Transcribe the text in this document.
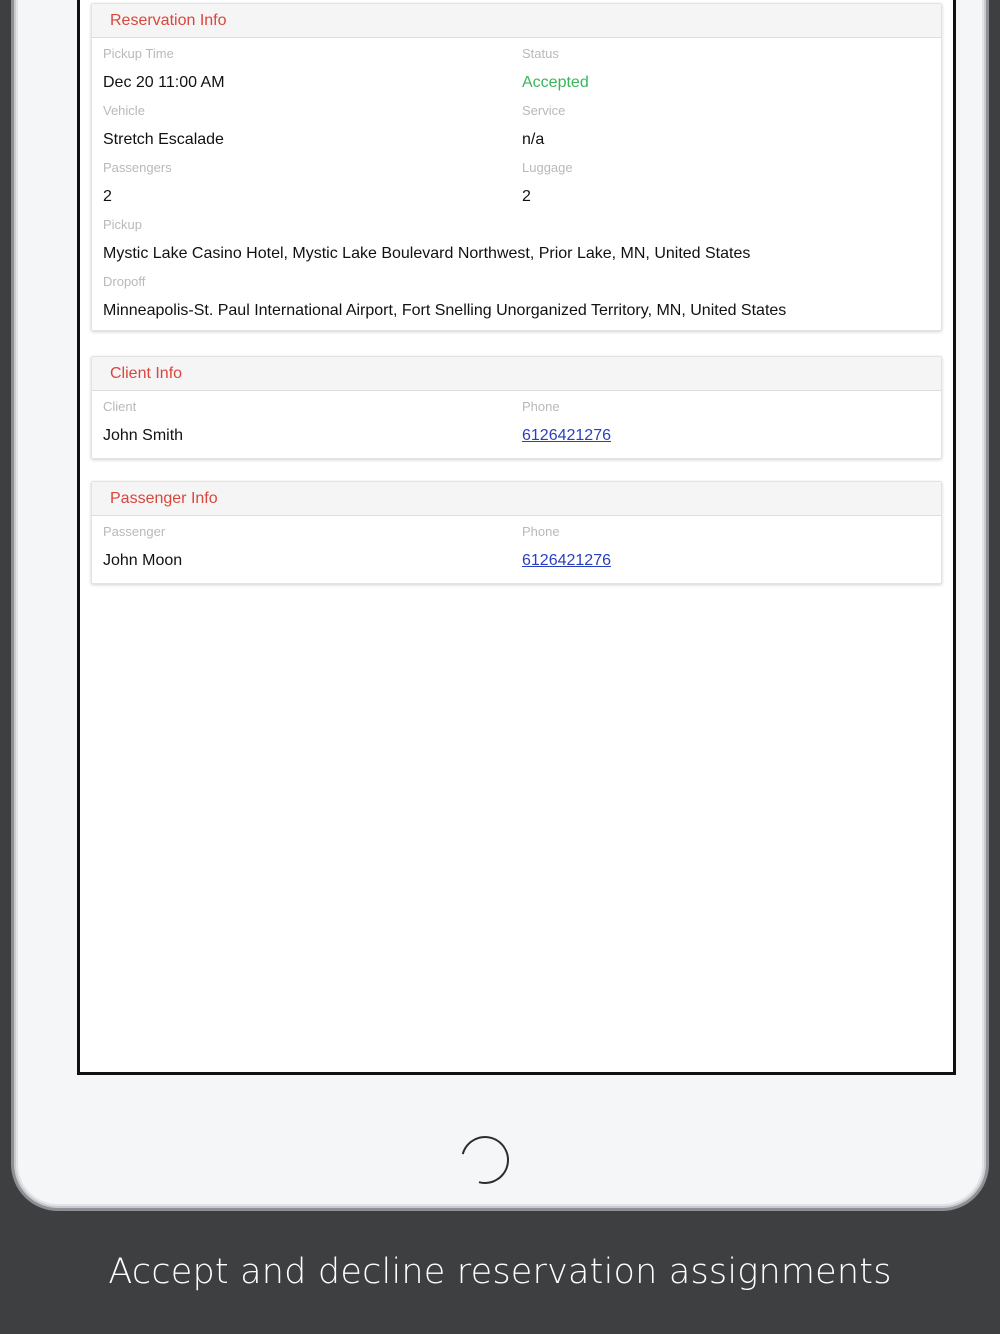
Reservation Info
Pickup Time
Dec 20 11:00 AM
Status
Accepted
Vehicle
Stretch Escalade
Service
n/a
Passengers
2
Luggage
2
Pickup
Mystic Lake Casino Hotel, Mystic Lake Boulevard Northwest, Prior Lake, MN, United States
Dropoff
Minneapolis-St. Paul International Airport, Fort Snelling Unorganized Territory, MN, United States
Client Info
Client
John Smith
Phone
6126421276
Passenger Info
Passenger
John Moon
Phone
6126421276
Accept and decline reservation assignments
